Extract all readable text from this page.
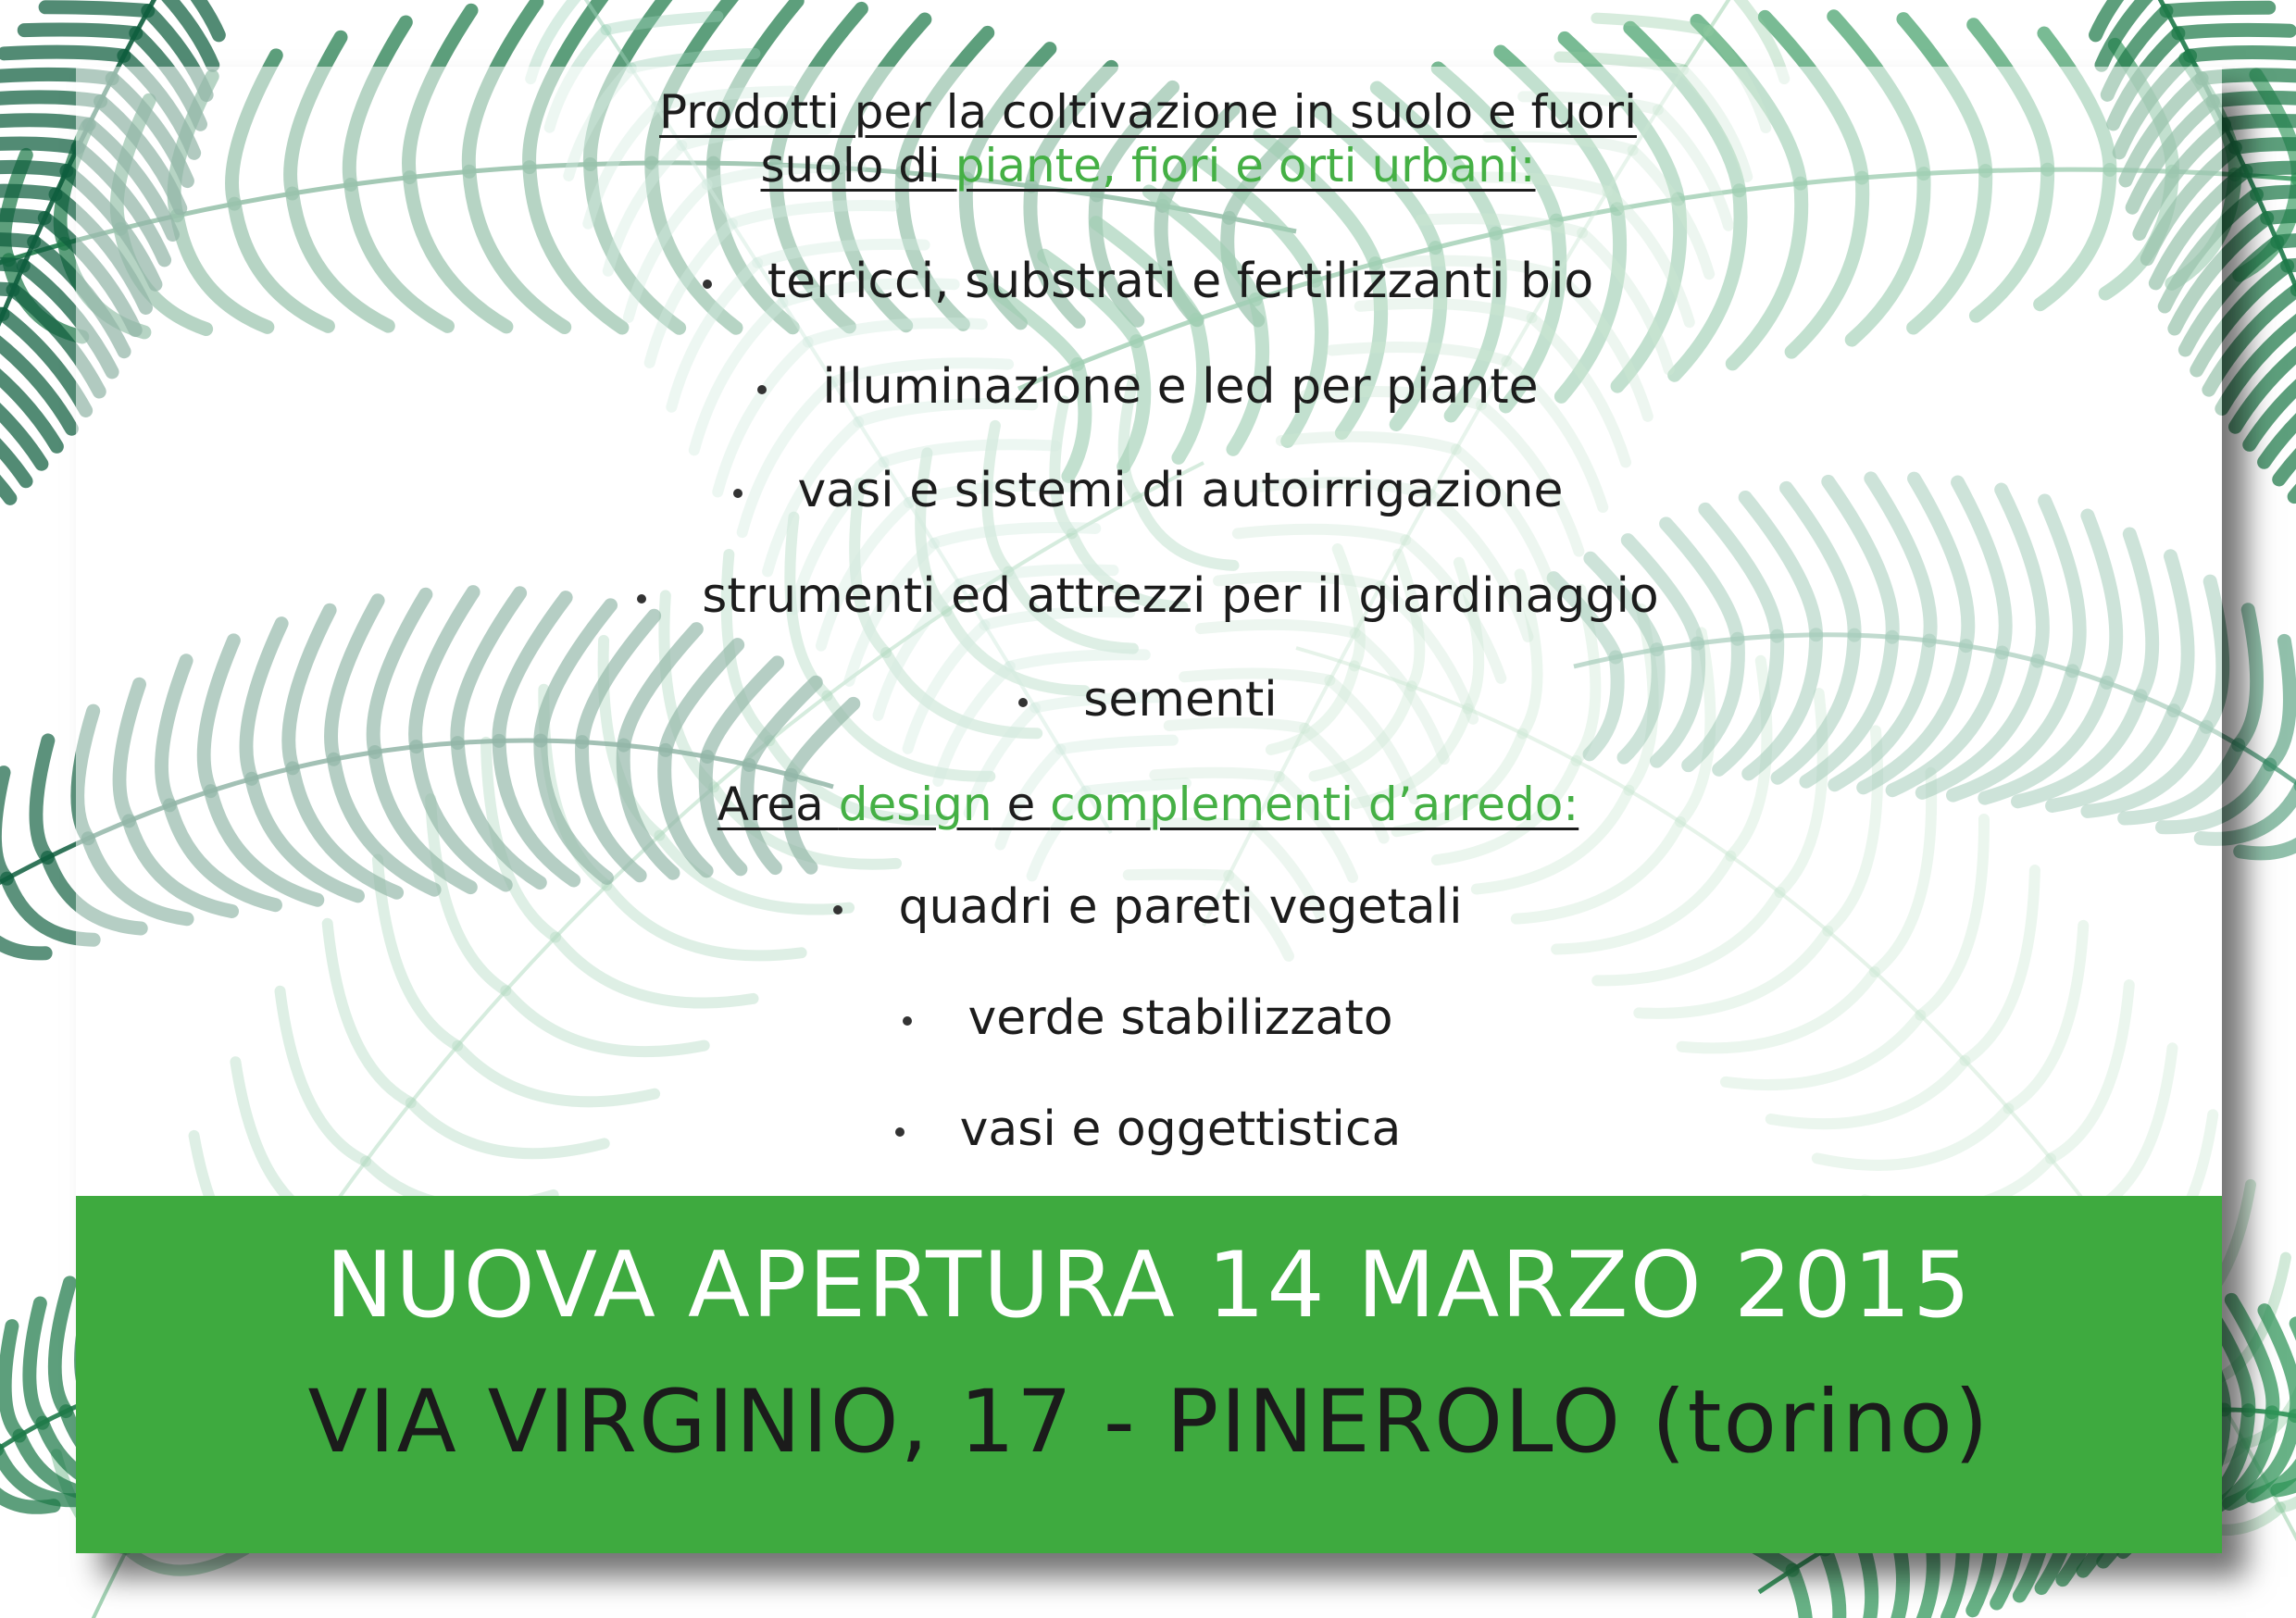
Prodotti per la coltivazione in suolo e fuori
suolo di piante, fiori e orti urbani:
terricci, substrati e fertilizzanti bio
illuminazione e led per piante
vasi e sistemi di autoirrigazione
strumenti ed attrezzi per il giardinaggio
sementi
Area design e complementi d’arredo:
quadri e pareti vegetali
verde stabilizzato
vasi e oggettistica
NUOVA APERTURA 14 MARZO 2015
VIA VIRGINIO, 17 - PINEROLO (torino)
